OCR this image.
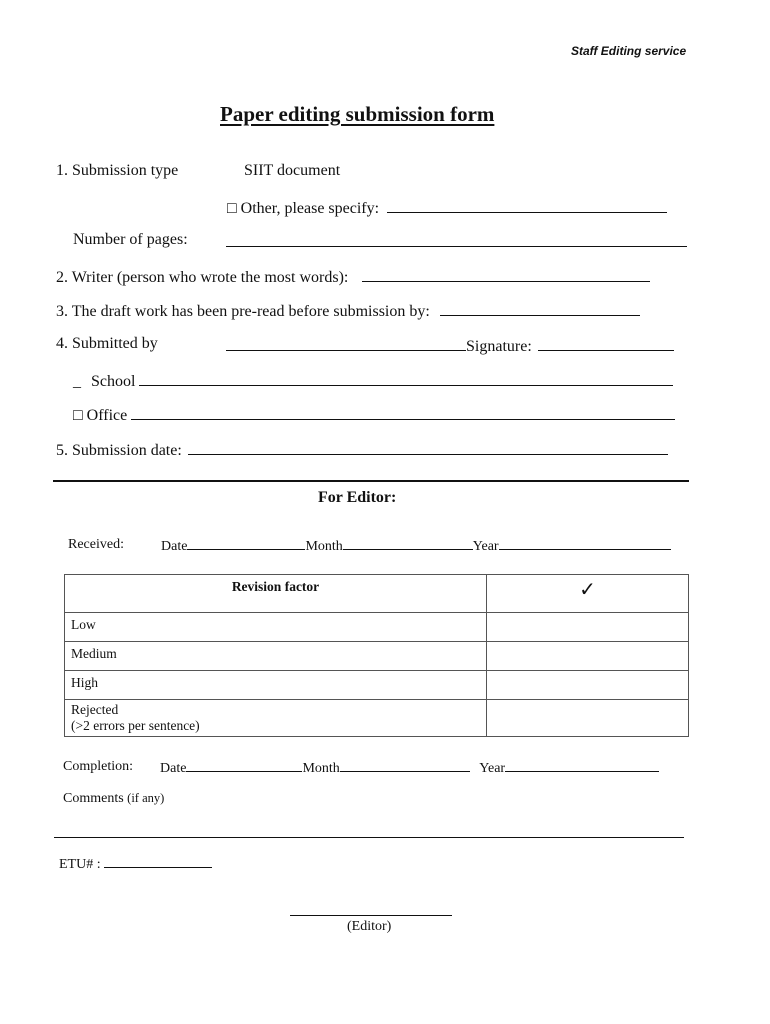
Staff Editing service
Paper editing submission form
1. Submission type	SIIT document
□ Other, please specify:
Number of pages:
2. Writer (person who wrote the most words):
3. The draft work has been pre-read before submission by:
4. Submitted by	Signature:
_ School
□ Office
5. Submission date:
For Editor:
Received:	Date	Month	Year
Revision factor	✓
Low	
Medium	
High	

Rejected
(>2 errors per sentence)	

Completion: Date	Month	Year
Comments (if any)
ETU# :
(Editor)
